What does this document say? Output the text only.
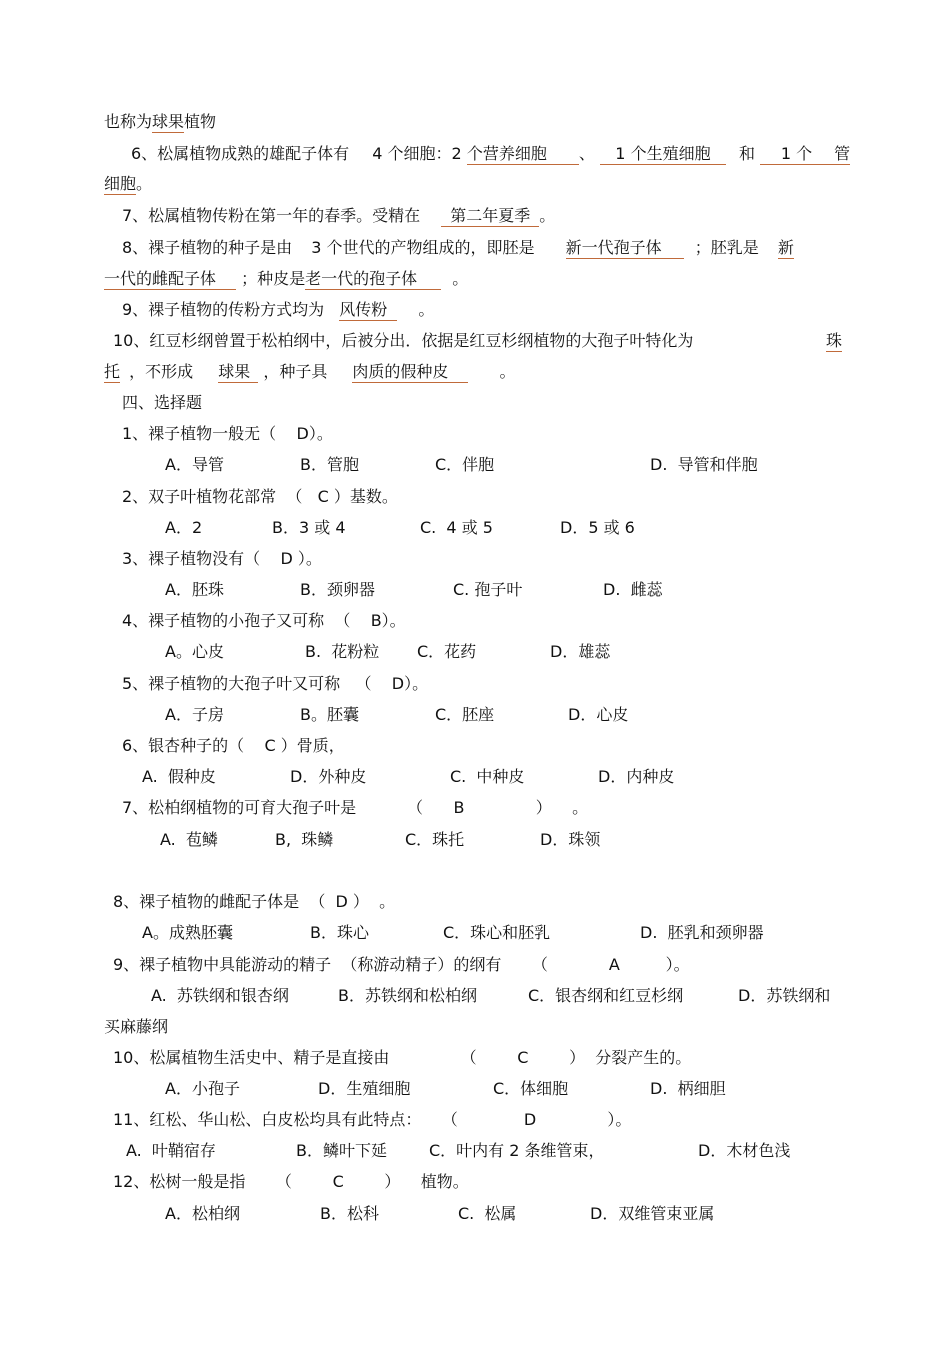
也称为球果植物
6、松属植物成熟的雄配子体有 4 个细胞：2 个营养细胞 、 1 个生殖细胞 和 1 个 管
细胞。
7、松属植物传粉在第一年的春季。受精在 第二年夏季 。
8、裸子植物的种子是由 3 个世代的产物组成的，即胚是 新一代孢子体 ；胚乳是 新
一代的雌配子体 ；种皮是老一代的孢子体 。
9、裸子植物的传粉方式均为 风传粉 。
10、红豆杉纲曾置于松柏纲中，后被分出．依据是红豆杉纲植物的大孢子叶特化为	珠
托 ，不形成 球果 ，种子具 肉质的假种皮	。
四、选择题
1、裸子植物一般无（    D）。
A．导管	B．管胞	C．伴胞	D.  导管和伴胞
2、双子叶植物花部常  （   C ）基数。
A．2	B．3 或 4	C.  4 或 5	D．5 或 6
3、裸子植物没有（    D ）。
A．胚珠	B．颈卵器	C. 孢子叶	D.  雌蕊
4、裸子植物的小孢子又可称  （    B）。
A。心皮	B.  花粉粒 C．花药	D．雄蕊
5、裸子植物的大孢子叶又可称   （    D）。
A．子房	B。胚囊	C．胚座	D．心皮
6、银杏种子的（    C ）骨质，
A.  假种皮	D．外种皮	C.  中种皮	D．内种皮
7、松柏纲植物的可育大孢子叶是          （      B              ）    。
A.  苞鳞	B,  珠鳞	C．珠托	D．珠领
8、裸子植物的雌配子体是  （  D ）  。
A。成熟胚囊	B．珠心	C．珠心和胚乳	D.  胚乳和颈卵器
9、裸子植物中具能游动的精子  （称游动精子）的纲有      （            A         ）。
A.  苏铁纲和银杏纲	B．苏铁纲和松柏纲	C．银杏纲和红豆杉纲	D．苏铁纲和
买麻藤纲
10、松属植物生活史中、精子是直接由              （        C        ）  分裂产生的。
A．小孢子	D．生殖细胞	C．体细胞	D.  柄细胆
11、红松、华山松、白皮松均具有此特点：    （             D              ）。
A.  叶鞘宿存	B．鳞叶下延	C．叶内有 2 条维管束，	D．木材色浅
12、松树一般是指      （        C        ）    植物。
A．松柏纲	B．松科	C.  松属	D．双维管束亚属
